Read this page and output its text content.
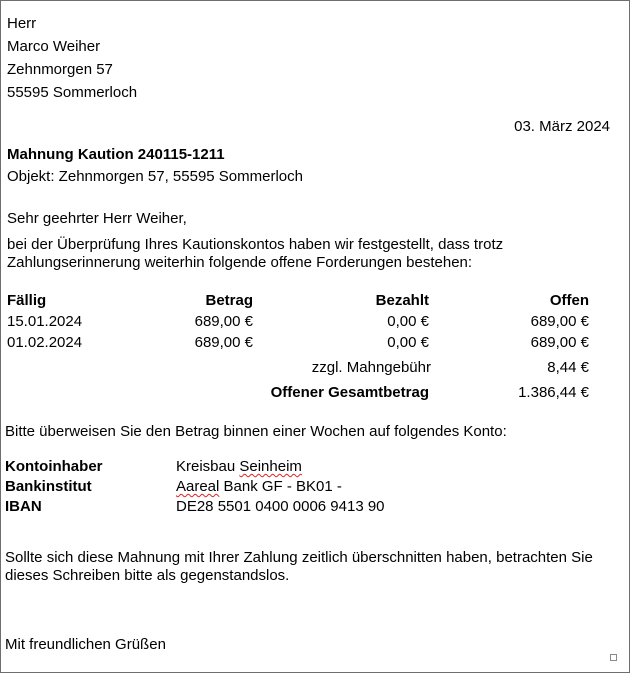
Herr
Marco Weiher
Zehnmorgen 57
55595 Sommerloch
03. März 2024
Mahnung Kaution 240115-1211
Objekt: Zehnmorgen 57, 55595 Sommerloch
Sehr geehrter Herr Weiher,
bei der Überprüfung Ihres Kautionskontos haben wir festgestellt, dass trotz
Zahlungserinnerung weiterhin folgende offene Forderungen bestehen:
Fällig	Betrag	Bezahlt	Offen
15.01.2024	689,00 €	0,00 €	689,00 €
01.02.2024	689,00 €	0,00 €	689,00 €
zzgl. Mahngebühr	8,44 €
Offener Gesamtbetrag	1.386,44 €
Bitte überweisen Sie den Betrag binnen einer Wochen auf folgendes Konto:
Kontoinhaber	Kreisbau Seinheim
Bankinstitut	Aareal Bank GF - BK01 -
IBAN	DE28 5501 0400 0006 9413 90
Sollte sich diese Mahnung mit Ihrer Zahlung zeitlich überschnitten haben, betrachten Sie
dieses Schreiben bitte als gegenstandslos.
Mit freundlichen Grüßen
